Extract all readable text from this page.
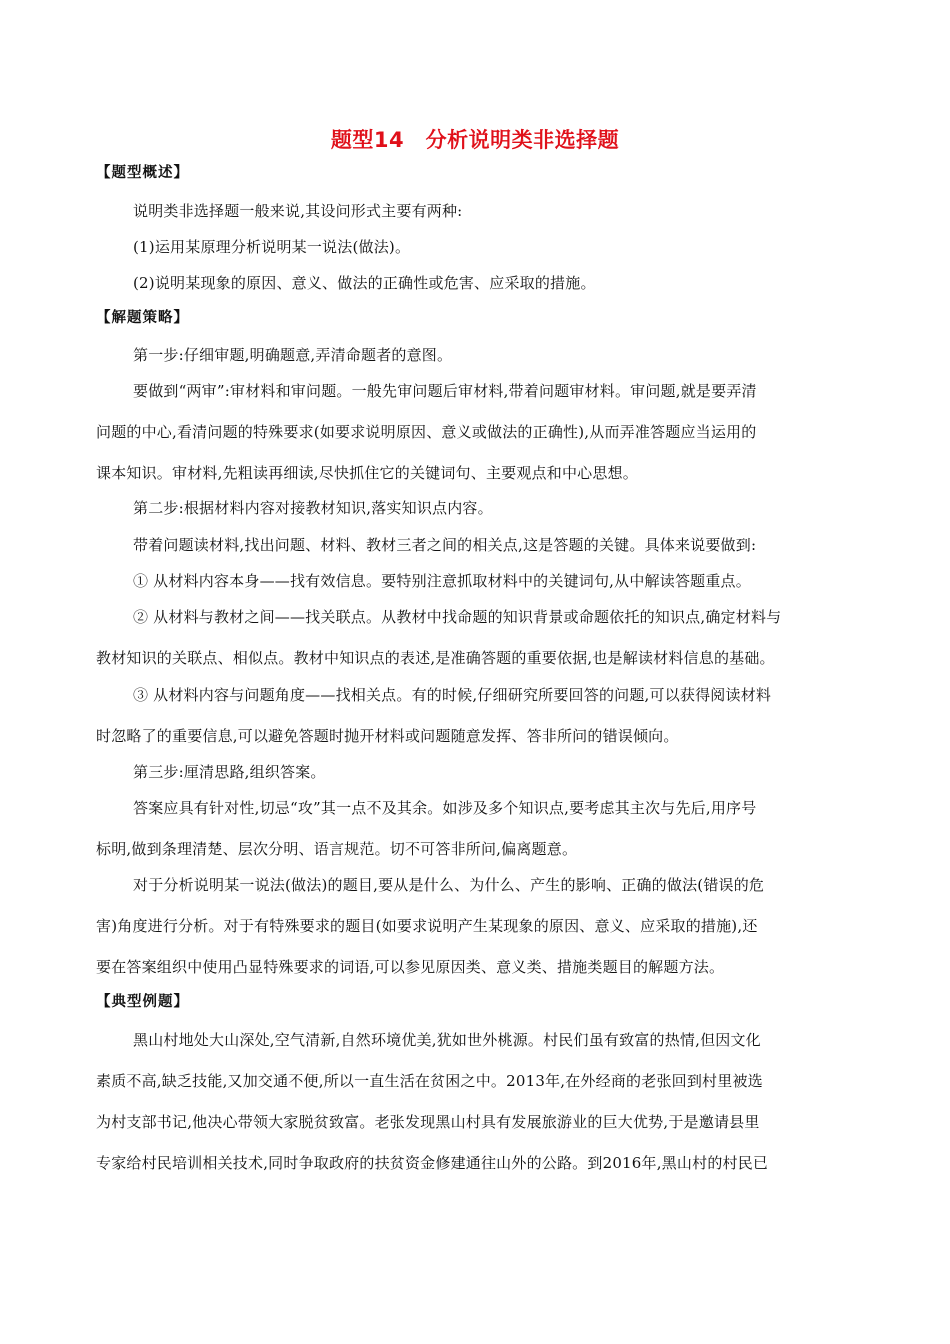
题型14　分析说明类非选择题
【题型概述】
说明类非选择题一般来说,其设问形式主要有两种:
(1)运用某原理分析说明某一说法(做法)。
(2)说明某现象的原因、意义、做法的正确性或危害、应采取的措施。
【解题策略】
第一步:仔细审题,明确题意,弄清命题者的意图。
要做到“两审”:审材料和审问题。一般先审问题后审材料,带着问题审材料。审问题,就是要弄清
问题的中心,看清问题的特殊要求(如要求说明原因、意义或做法的正确性),从而弄准答题应当运用的
课本知识。审材料,先粗读再细读,尽快抓住它的关键词句、主要观点和中心思想。
第二步:根据材料内容对接教材知识,落实知识点内容。
带着问题读材料,找出问题、材料、教材三者之间的相关点,这是答题的关键。具体来说要做到:
① 从材料内容本身——找有效信息。要特别注意抓取材料中的关键词句,从中解读答题重点。
② 从材料与教材之间——找关联点。从教材中找命题的知识背景或命题依托的知识点,确定材料与
教材知识的关联点、相似点。教材中知识点的表述,是准确答题的重要依据,也是解读材料信息的基础。
③ 从材料内容与问题角度——找相关点。有的时候,仔细研究所要回答的问题,可以获得阅读材料
时忽略了的重要信息,可以避免答题时抛开材料或问题随意发挥、答非所问的错误倾向。
第三步:厘清思路,组织答案。
答案应具有针对性,切忌“攻”其一点不及其余。如涉及多个知识点,要考虑其主次与先后,用序号
标明,做到条理清楚、层次分明、语言规范。切不可答非所问,偏离题意。
对于分析说明某一说法(做法)的题目,要从是什么、为什么、产生的影响、正确的做法(错误的危
害)角度进行分析。对于有特殊要求的题目(如要求说明产生某现象的原因、意义、应采取的措施),还
要在答案组织中使用凸显特殊要求的词语,可以参见原因类、意义类、措施类题目的解题方法。
【典型例题】
黑山村地处大山深处,空气清新,自然环境优美,犹如世外桃源。村民们虽有致富的热情,但因文化
素质不高,缺乏技能,又加交通不便,所以一直生活在贫困之中。2013年,在外经商的老张回到村里被选
为村支部书记,他决心带领大家脱贫致富。老张发现黑山村具有发展旅游业的巨大优势,于是邀请县里
专家给村民培训相关技术,同时争取政府的扶贫资金修建通往山外的公路。到2016年,黑山村的村民已
